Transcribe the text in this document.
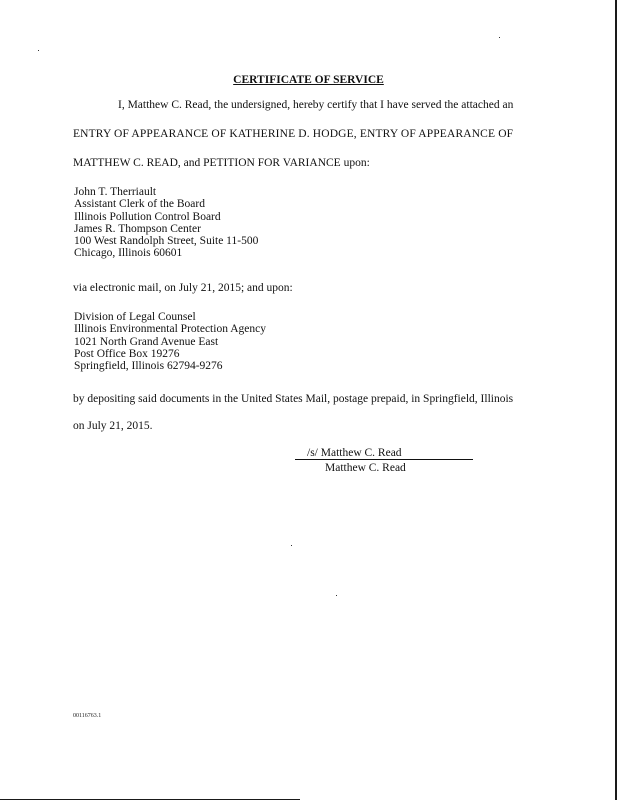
CERTIFICATE OF SERVICE
I, Matthew C. Read, the undersigned, hereby certify that I have served the attached an
ENTRY OF APPEARANCE OF KATHERINE D. HODGE, ENTRY OF APPEARANCE OF
MATTHEW C. READ, and PETITION FOR VARIANCE upon:
John T. Therriault
Assistant Clerk of the Board
Illinois Pollution Control Board
James R. Thompson Center
100 West Randolph Street, Suite 11-500
Chicago, Illinois 60601
via electronic mail, on July 21, 2015; and upon:
Division of Legal Counsel
Illinois Environmental Protection Agency
1021 North Grand Avenue East
Post Office Box 19276
Springfield, Illinois 62794-9276
by depositing said documents in the United States Mail, postage prepaid, in Springfield, Illinois
on July 21, 2015.
/s/ Matthew C. Read
Matthew C. Read
00116763.1
